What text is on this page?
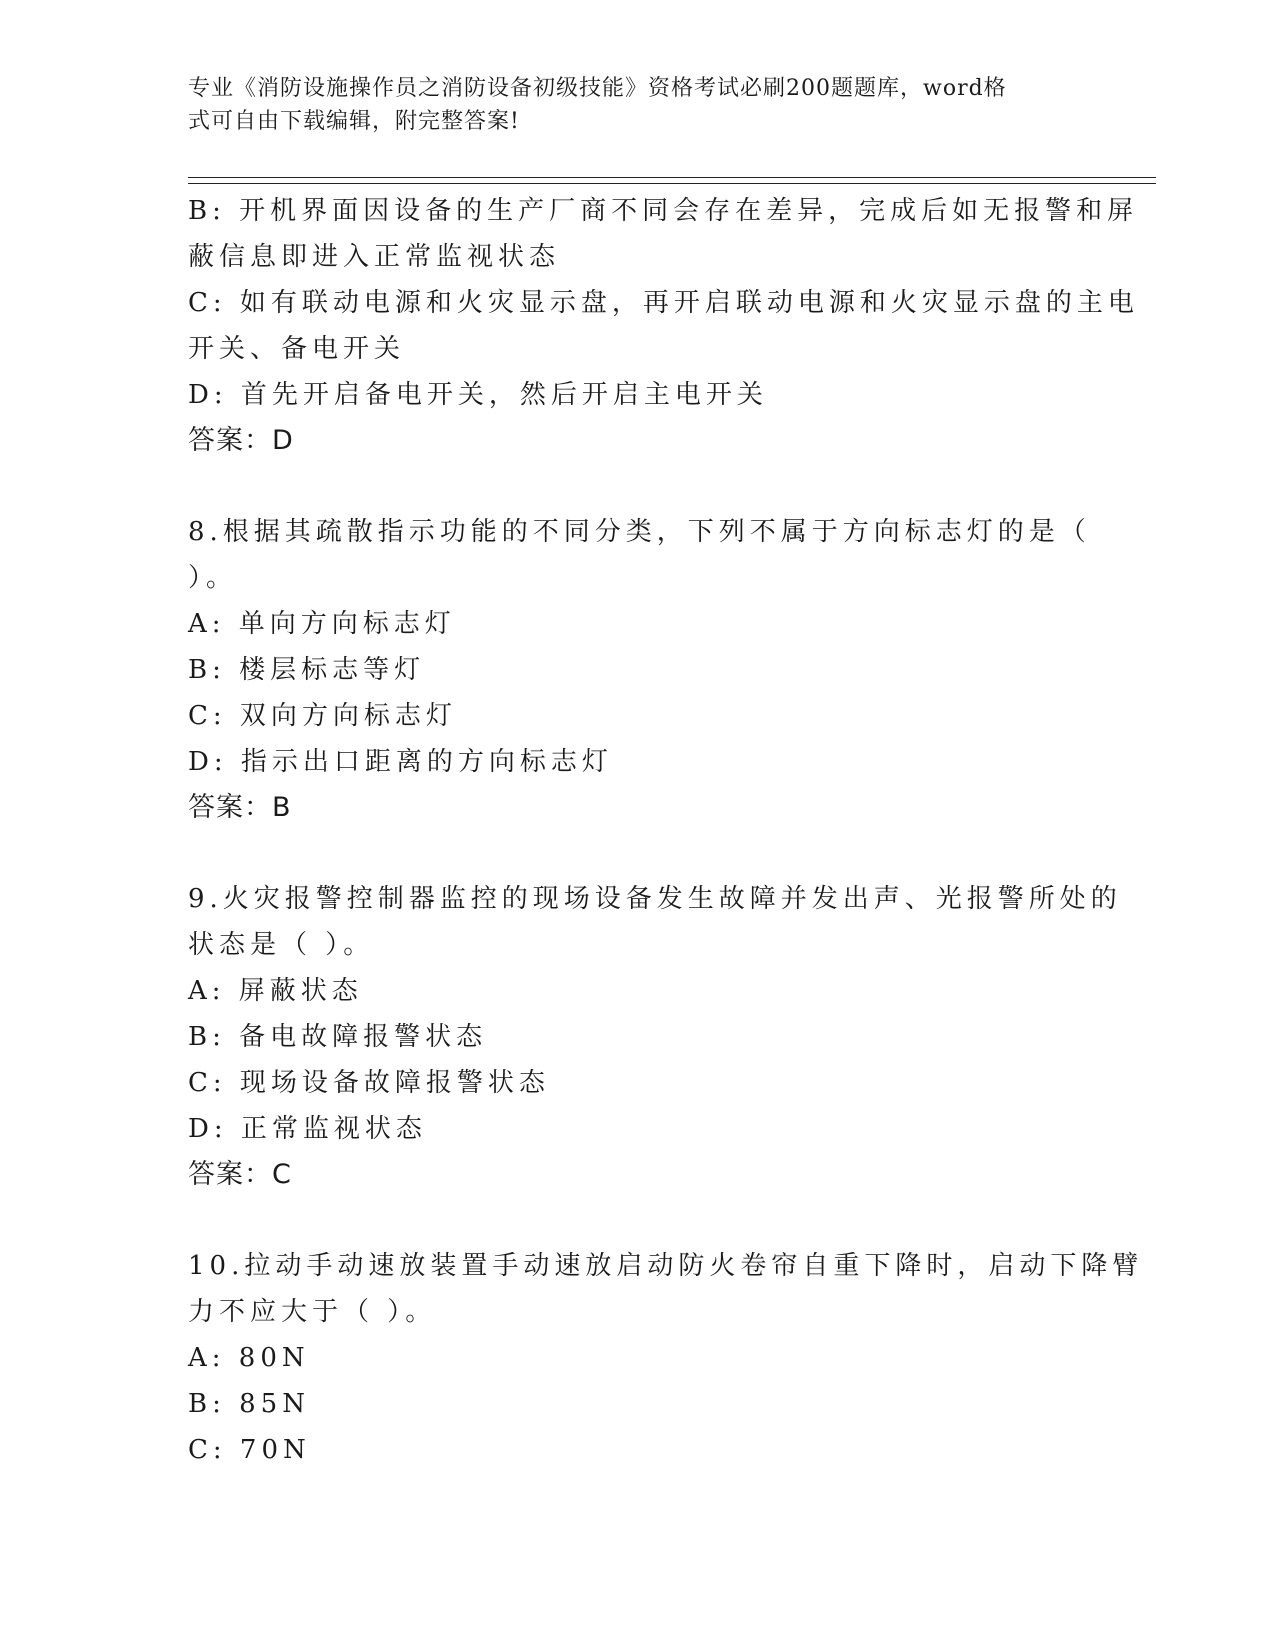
专业《消防设施操作员之消防设备初级技能》资格考试必刷200题题库，word格
式可自由下载编辑，附完整答案!
B: 开机界面因设备的生产厂商不同会存在差异，完成后如无报警和屏
蔽信息即进入正常监视状态
C: 如有联动电源和火灾显示盘，再开启联动电源和火灾显示盘的主电
开关、备电开关
D: 首先开启备电开关，然后开启主电开关
答案：D
8.根据其疏散指示功能的不同分类，下列不属于方向标志灯的是（
）。
A: 单向方向标志灯
B: 楼层标志等灯
C: 双向方向标志灯
D: 指示出口距离的方向标志灯
答案：B
9.火灾报警控制器监控的现场设备发生故障并发出声、光报警所处的
状态是（ ）。
A: 屏蔽状态
B: 备电故障报警状态
C: 现场设备故障报警状态
D: 正常监视状态
答案：C
10.拉动手动速放装置手动速放启动防火卷帘自重下降时，启动下降臂
力不应大于（ ）。
A: 80N
B: 85N
C: 70N
